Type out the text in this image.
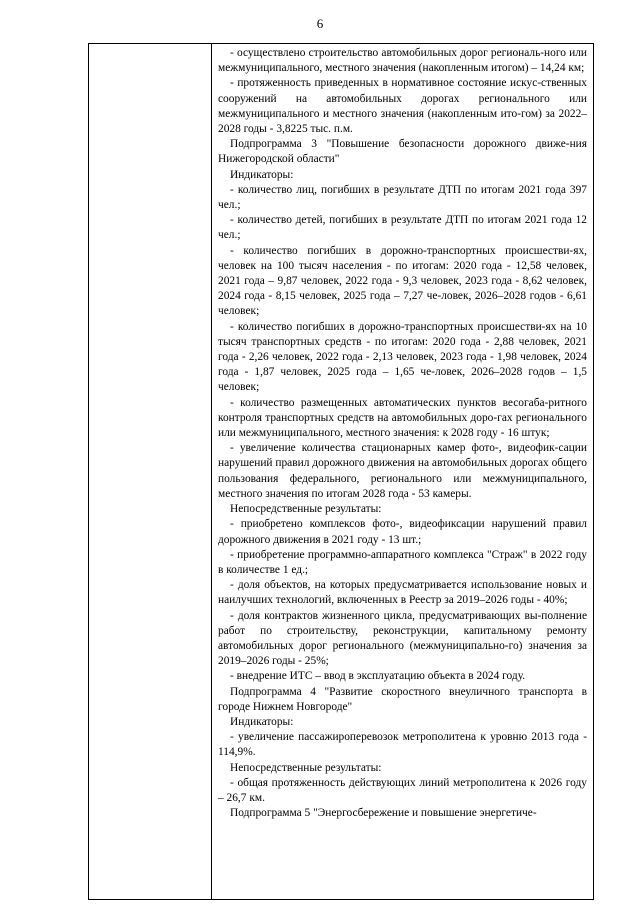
6

- осуществлено строительство автомобильных дорог региональ-ного или межмуниципального, местного значения (накопленным итогом) – 14,24 км;

- протяженность приведенных в нормативное состояние искус-ственных сооружений на автомобильных дорогах регионального или межмуниципального и местного значения (накопленным ито-гом) за 2022–2028 годы - 3,8225 тыс. п.м.

Подпрограмма 3 "Повышение безопасности дорожного движе-ния Нижегородской области"

Индикаторы:

- количество лиц, погибших в результате ДТП по итогам 2021 года 397 чел.;

- количество детей, погибших в результате ДТП по итогам 2021 года 12 чел.;

- количество погибших в дорожно-транспортных происшестви-ях, человек на 100 тысяч населения - по итогам: 2020 года - 12,58 человек, 2021 года – 9,87 человек, 2022 года - 9,3 человек, 2023 года - 8,62 человек, 2024 года - 8,15 человек, 2025 года – 7,27 че-ловек, 2026–2028 годов - 6,61 человек;

- количество погибших в дорожно-транспортных происшестви-ях на 10 тысяч транспортных средств - по итогам: 2020 года - 2,88 человек, 2021 года - 2,26 человек, 2022 года - 2,13 человек, 2023 года - 1,98 человек, 2024 года - 1,87 человек, 2025 года – 1,65 че-ловек, 2026–2028 годов – 1,5 человек;

- количество размещенных автоматических пунктов весогаба-ритного контроля транспортных средств на автомобильных доро-гах регионального или межмуниципального, местного значения: к 2028 году - 16 штук;

- увеличение количества стационарных камер фото-, видеофик-сации нарушений правил дорожного движения на автомобильных дорогах общего пользования федерального, регионального или межмуниципального, местного значения по итогам 2028 года - 53 камеры.

Непосредственные результаты:

- приобретено комплексов фото-, видеофиксации нарушений правил дорожного движения в 2021 году - 13 шт.;

- приобретение программно-аппаратного комплекса "Страж" в 2022 году в количестве 1 ед.;

- доля объектов, на которых предусматривается использование новых и наилучших технологий, включенных в Реестр за 2019–2026 годы - 40%;

- доля контрактов жизненного цикла, предусматривающих вы-полнение работ по строительству, реконструкции, капитальному ремонту автомобильных дорог регионального (межмуниципально-го) значения за 2019–2026 годы - 25%;

- внедрение ИТС – ввод в эксплуатацию объекта в 2024 году.

Подпрограмма 4 "Развитие скоростного внеуличного транспорта в городе Нижнем Новгороде"

Индикаторы:

- увеличение пассажироперевозок метрополитена к уровню 2013 года - 114,9%.

Непосредственные результаты:

- общая протяженность действующих линий метрополитена к 2026 году – 26,7 км.

Подпрограмма 5 "Энергосбережение и повышение энергетиче-
